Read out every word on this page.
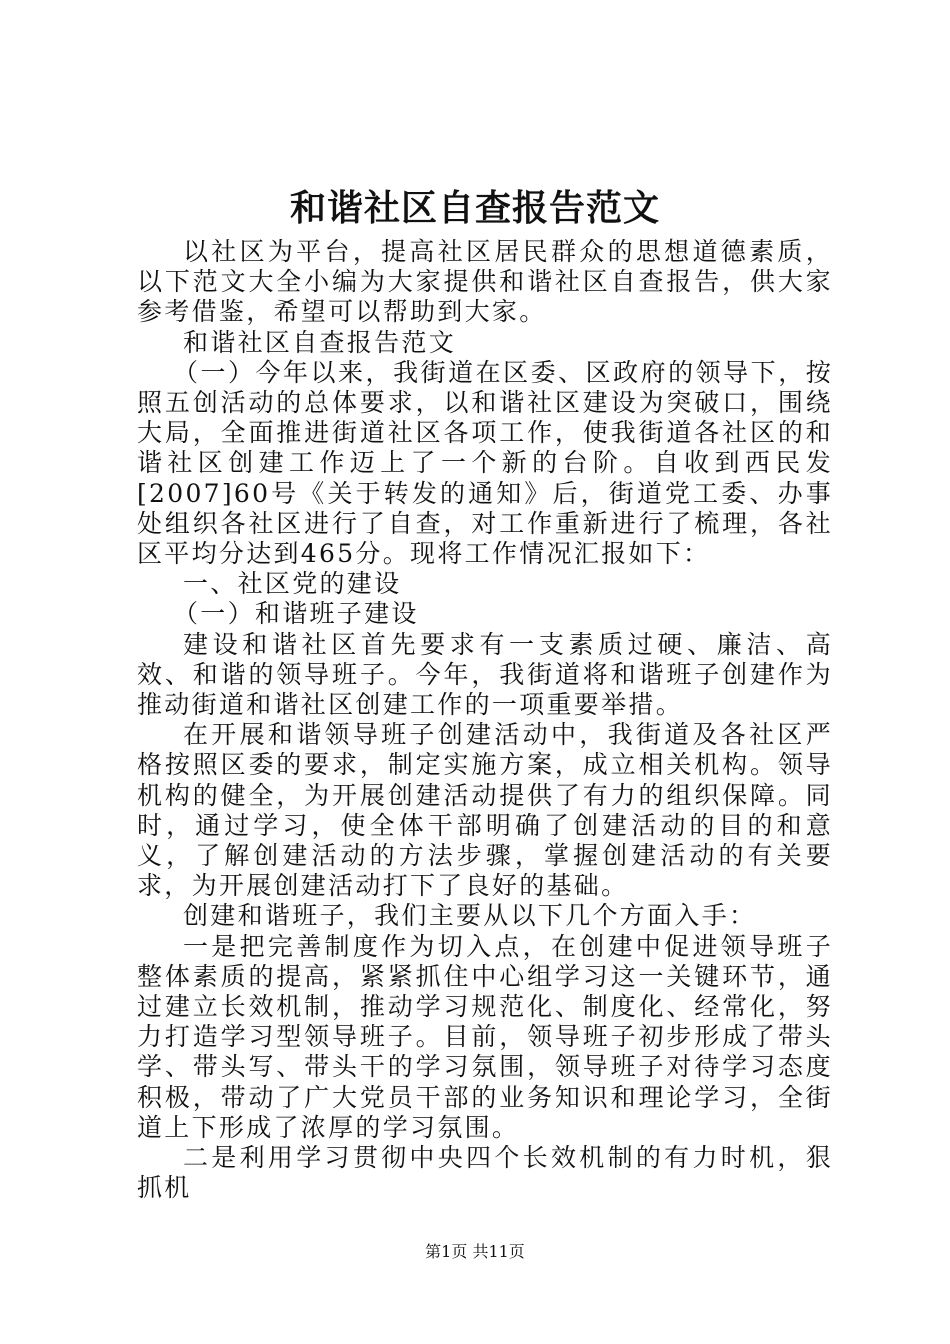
和谐社区自查报告范文

以社区为平台，提高社区居民群众的思想道德素质，以下范文大全小编为大家提供和谐社区自查报告，供大家参考借鉴，希望可以帮助到大家。

和谐社区自查报告范文

（一）今年以来，我街道在区委、区政府的领导下，按照五创活动的总体要求，以和谐社区建设为突破口，围绕大局，全面推进街道社区各项工作，使我街道各社区的和谐社区创建工作迈上了一个新的台阶。自收到西民发[2007]60号《关于转发的通知》后，街道党工委、办事处组织各社区进行了自查，对工作重新进行了梳理，各社区平均分达到465分。现将工作情况汇报如下：

一、社区党的建设

（一）和谐班子建设

建设和谐社区首先要求有一支素质过硬、廉洁、高效、和谐的领导班子。今年，我街道将和谐班子创建作为推动街道和谐社区创建工作的一项重要举措。

在开展和谐领导班子创建活动中，我街道及各社区严格按照区委的要求，制定实施方案，成立相关机构。领导机构的健全，为开展创建活动提供了有力的组织保障。同时，通过学习，使全体干部明确了创建活动的目的和意义，了解创建活动的方法步骤，掌握创建活动的有关要求，为开展创建活动打下了良好的基础。

创建和谐班子，我们主要从以下几个方面入手：

一是把完善制度作为切入点，在创建中促进领导班子整体素质的提高，紧紧抓住中心组学习这一关键环节，通过建立长效机制，推动学习规范化、制度化、经常化，努力打造学习型领导班子。目前，领导班子初步形成了带头学、带头写、带头干的学习氛围，领导班子对待学习态度积极，带动了广大党员干部的业务知识和理论学习，全街道上下形成了浓厚的学习氛围。

二是利用学习贯彻中央四个长效机制的有力时机，狠抓机

第1页 共11页
